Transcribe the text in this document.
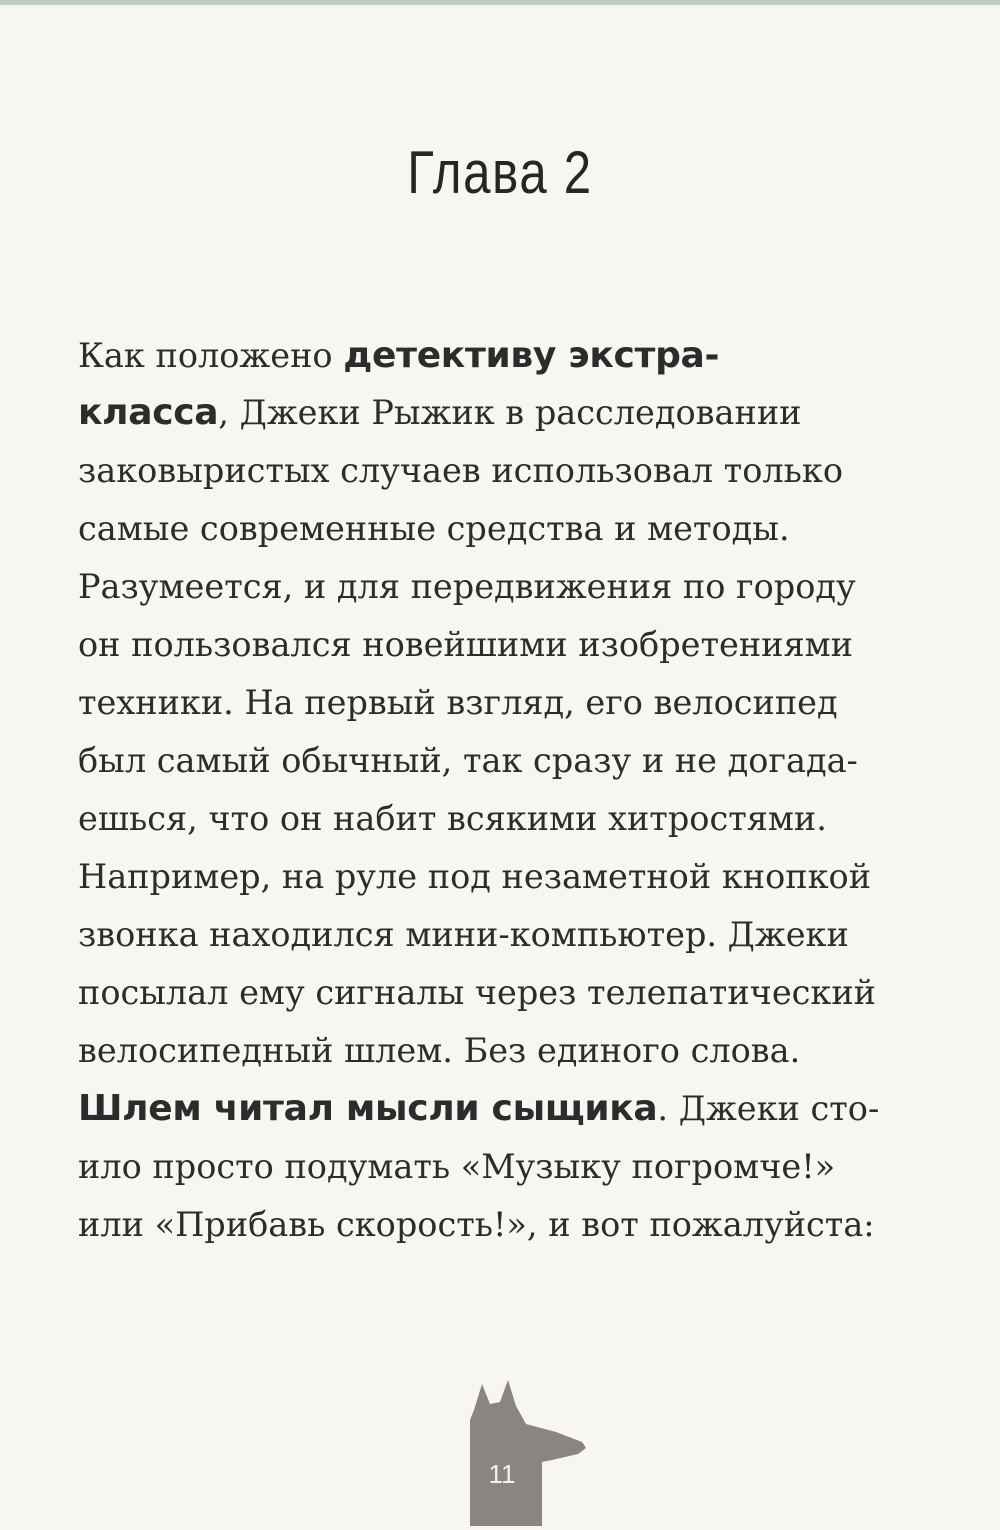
Глава 2
Как положено детективу экстра-
класса, Джеки Рыжик в расследовании
заковыристых случаев использовал только
самые современные средства и методы.
Разумеется, и для передвижения по городу
он пользовался новейшими изобретениями
техники. На первый взгляд, его велосипед
был самый обычный, так сразу и не догада-
ешься, что он набит всякими хитростями.
Например, на руле под незаметной кнопкой
звонка находился мини-компьютер. Джеки
посылал ему сигналы через телепатический
велосипедный шлем. Без единого слова.
Шлем читал мысли сыщика. Джеки сто-
ило просто подумать «Музыку погромче!»
или «Прибавь скорость!», и вот пожалуйста:
11
